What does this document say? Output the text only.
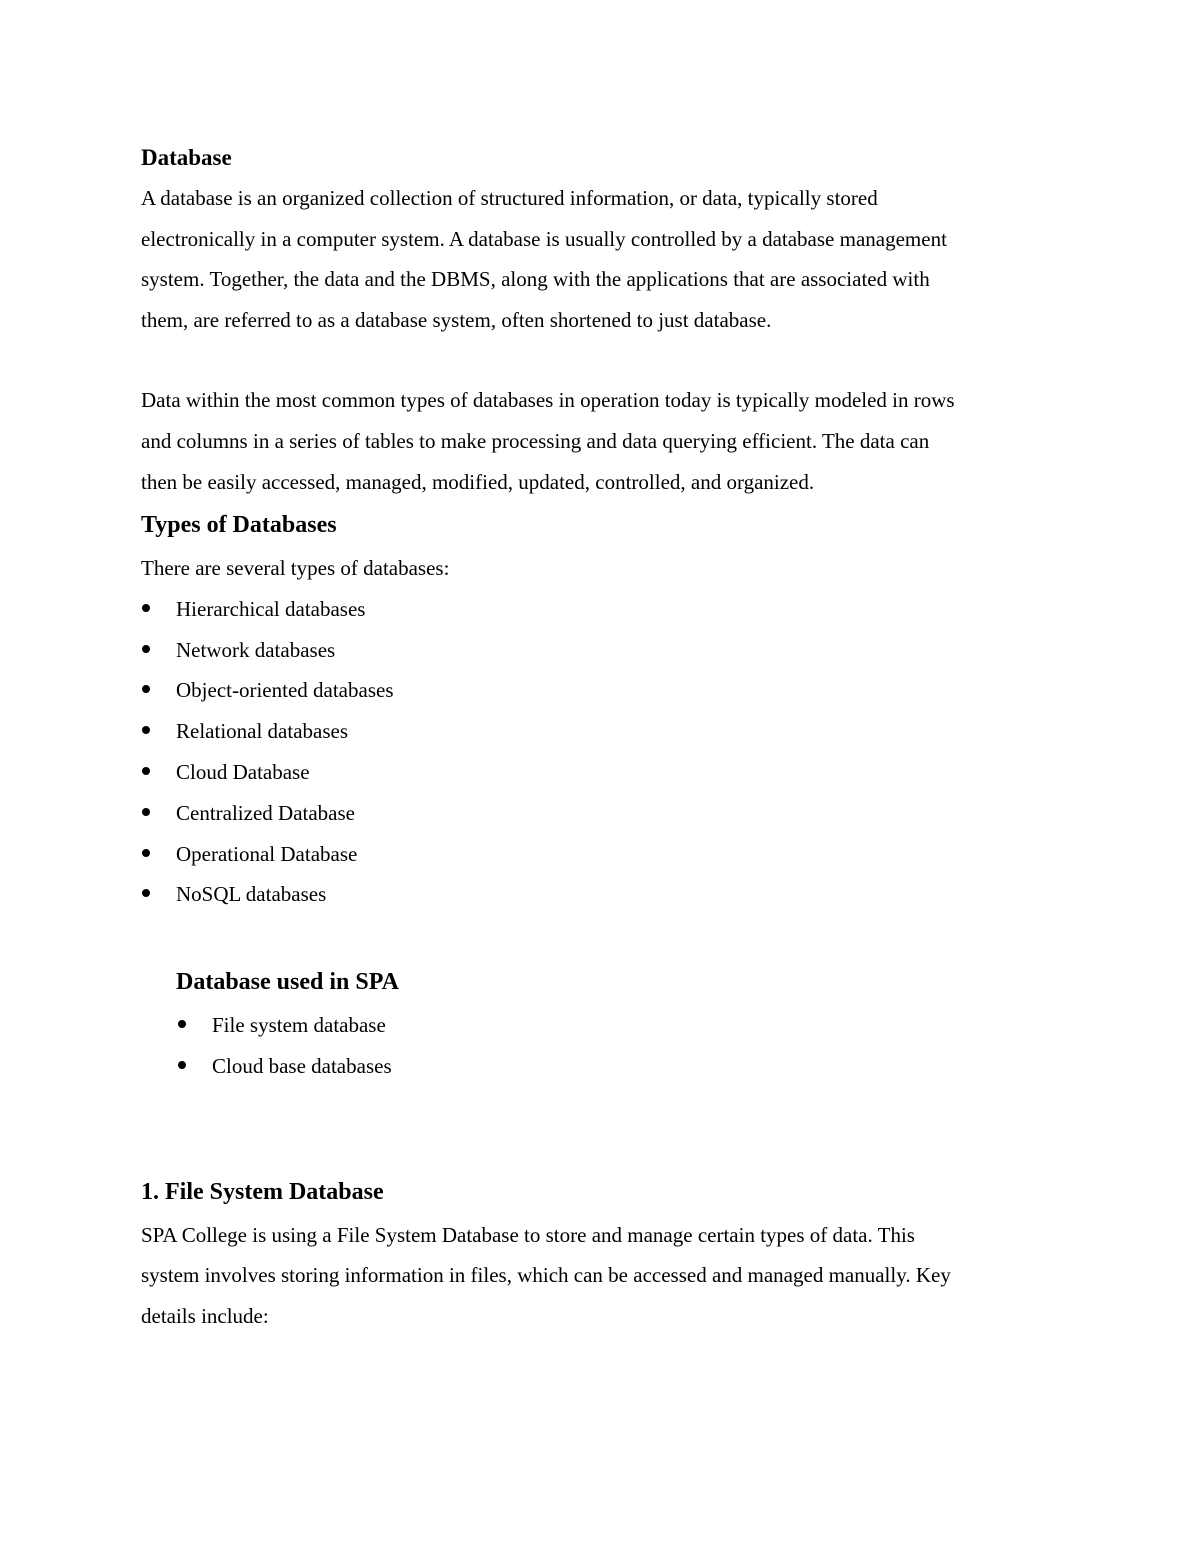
Database
A database is an organized collection of structured information, or data, typically stored
electronically in a computer system. A database is usually controlled by a database management
system. Together, the data and the DBMS, along with the applications that are associated with
them, are referred to as a database system, often shortened to just database.
Data within the most common types of databases in operation today is typically modeled in rows
and columns in a series of tables to make processing and data querying efficient. The data can
then be easily accessed, managed, modified, updated, controlled, and organized.
Types of Databases
There are several types of databases:
Hierarchical databases
Network databases
Object-oriented databases
Relational databases
Cloud Database
Centralized Database
Operational Database
NoSQL databases
Database used in SPA
File system database
Cloud base databases
1. File System Database
SPA College is using a File System Database to store and manage certain types of data. This
system involves storing information in files, which can be accessed and managed manually. Key
details include:
